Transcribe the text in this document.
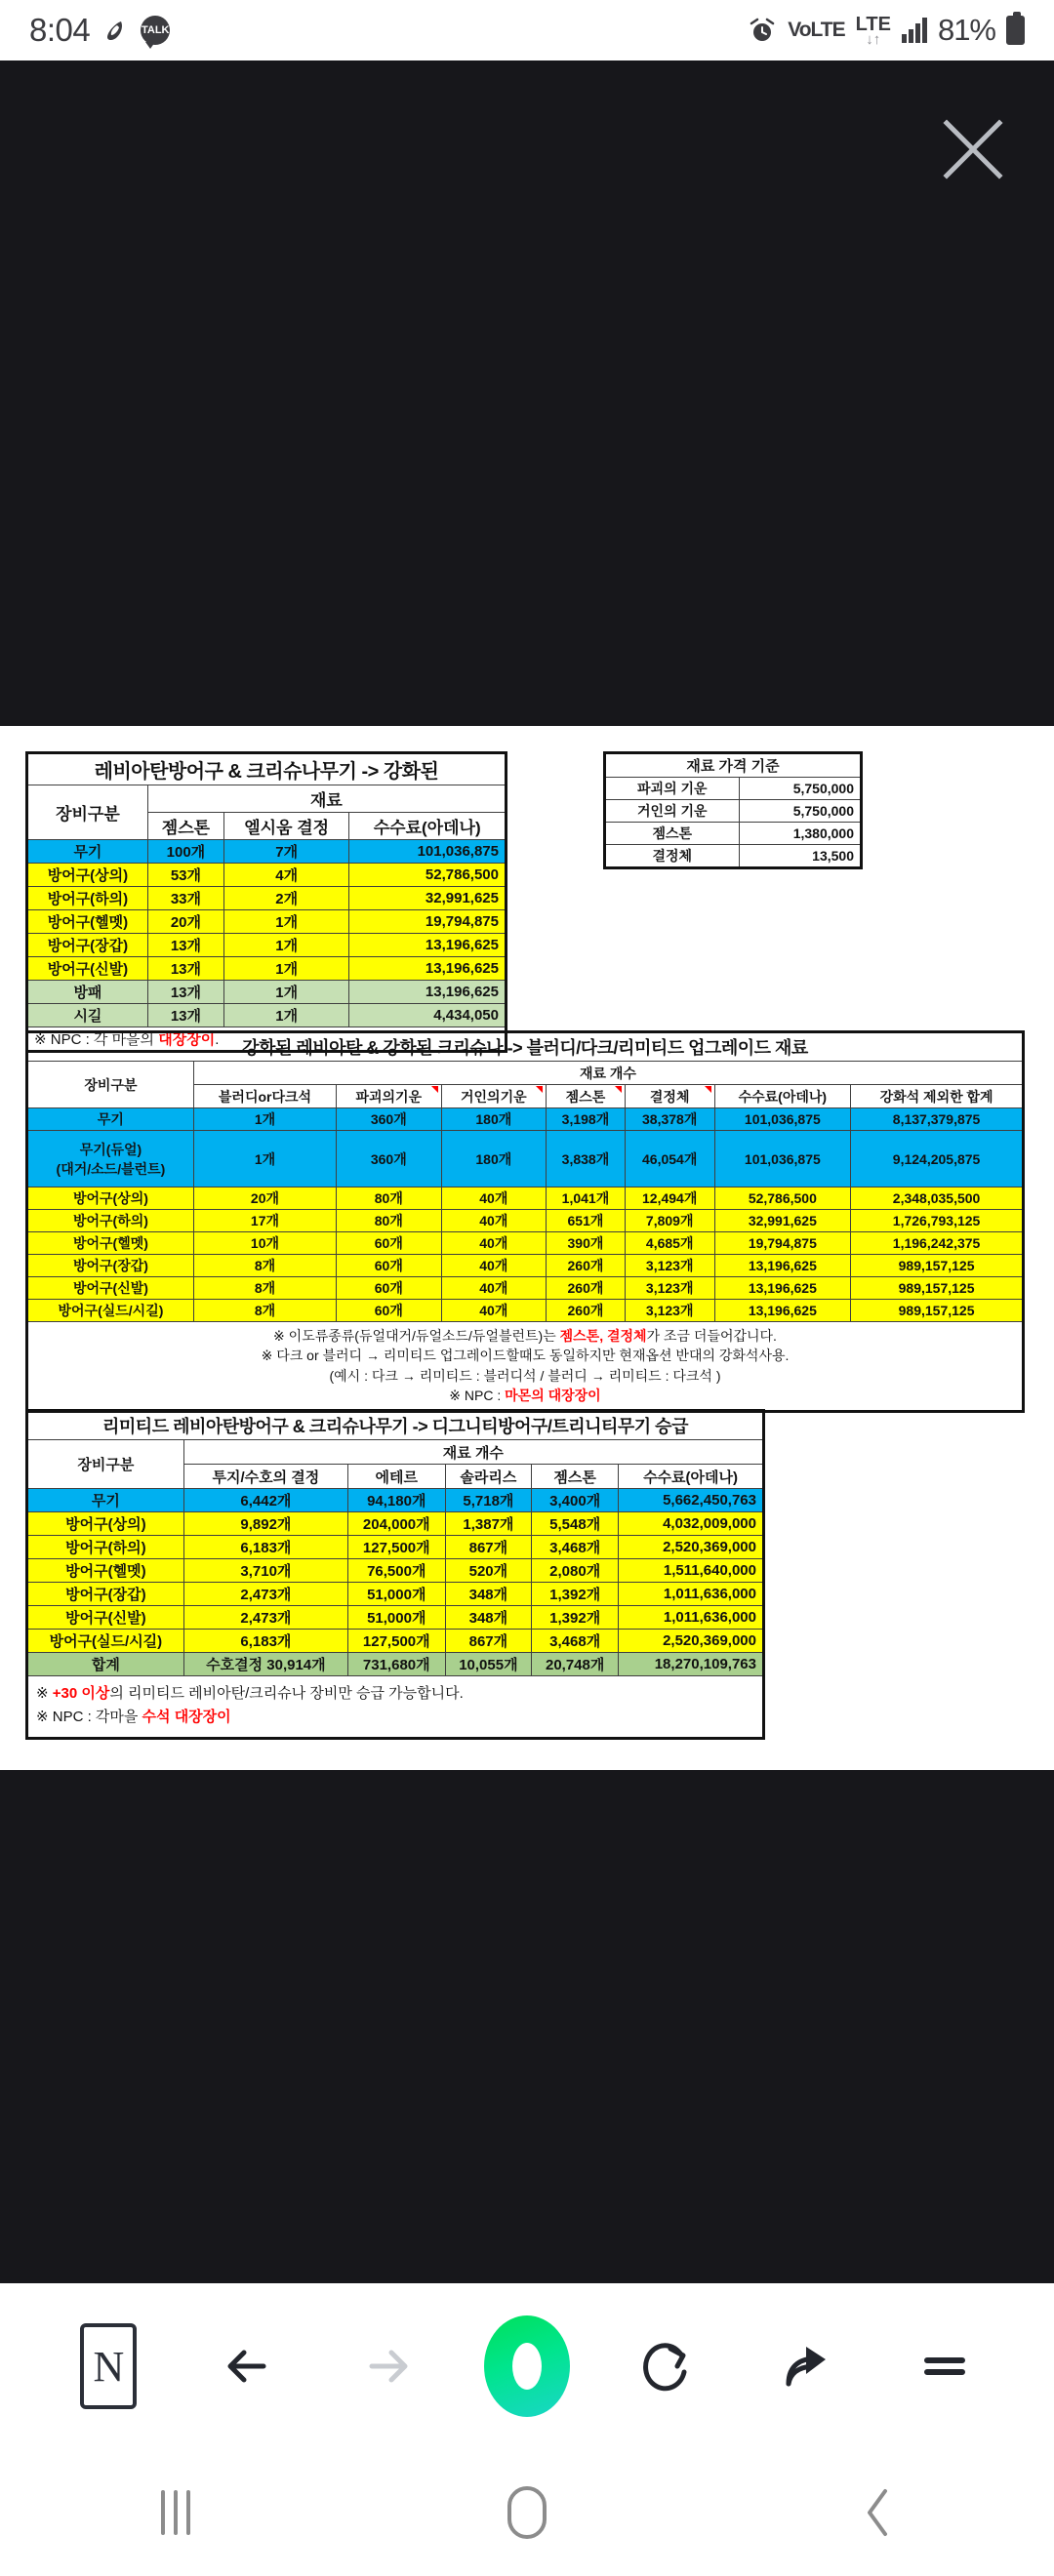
8:04	TALK	VoLTE LTE
↓↑ 81%
레비아탄방어구 & 크리슈나무기 -> 강화된			
장비구분	재료		
	젬스톤	엘시움 결정	수수료(아데나)
무기	100개	7개	101,036,875
방어구(상의)	53개	4개	52,786,500
방어구(하의)	33개	2개	32,991,625
방어구(헬멧)	20개	1개	19,794,875
방어구(장갑)	13개	1개	13,196,625
방어구(신발)	13개	1개	13,196,625
방패	13개	1개	13,196,625
시길	13개	1개	4,434,050
※ NPC : 각 마을의 대장장이.			
재료 가격 기준	
파괴의 기운	5,750,000
거인의 기운	5,750,000
젬스톤	1,380,000
결정체	13,500
강화된 레비아탄 & 강화된 크리슈나 -> 블러디/다크/리미티드 업그레이드 재료							
장비구분	재료 개수						
	블러디or다크석	파괴의기운	거인의기운	젬스톤	결정체	수수료(아데나)	강화석 제외한 합계
무기	1개	360개	180개	3,198개	38,378개	101,036,875	8,137,379,875

무기(듀얼)
(대거/소드/블런트)	1개	360개	180개	3,838개	46,054개	101,036,875	9,124,205,875
방어구(상의)	20개	80개	40개	1,041개	12,494개	52,786,500	2,348,035,500
방어구(하의)	17개	80개	40개	651개	7,809개	32,991,625	1,726,793,125
방어구(헬멧)	10개	60개	40개	390개	4,685개	19,794,875	1,196,242,375
방어구(장갑)	8개	60개	40개	260개	3,123개	13,196,625	989,157,125
방어구(신발)	8개	60개	40개	260개	3,123개	13,196,625	989,157,125
방어구(실드/시길)	8개	60개	40개	260개	3,123개	13,196,625	989,157,125

※ 이도류종류(듀얼대거/듀얼소드/듀얼블런트)는 젬스톤, 결정체가 조금 더들어갑니다.
※ 다크 or 블러디 → 리미티드 업그레이드할때도 동일하지만 현재옵션 반대의 강화석사용.
(예시 : 다크 → 리미티드 : 블러디석 / 블러디 → 리미티드 : 다크석 )
※ NPC : 마몬의 대장장이							
리미티드 레비아탄방어구 & 크리슈나무기 -> 디그니티방어구/트리니티무기 승급					
장비구분	재료 개수				
	투지/수호의 결정	에테르	솔라리스	젬스톤	수수료(아데나)
무기	6,442개	94,180개	5,718개	3,400개	5,662,450,763
방어구(상의)	9,892개	204,000개	1,387개	5,548개	4,032,009,000
방어구(하의)	6,183개	127,500개	867개	3,468개	2,520,369,000
방어구(헬멧)	3,710개	76,500개	520개	2,080개	1,511,640,000
방어구(장갑)	2,473개	51,000개	348개	1,392개	1,011,636,000
방어구(신발)	2,473개	51,000개	348개	1,392개	1,011,636,000
방어구(실드/시길)	6,183개	127,500개	867개	3,468개	2,520,369,000
합계	수호결정 30,914개	731,680개	10,055개	20,748개	18,270,109,763

※ +30 이상의 리미티드 레비아탄/크리슈나 장비만 승급 가능합니다.
※ NPC : 각마을 수석 대장장이					
N
